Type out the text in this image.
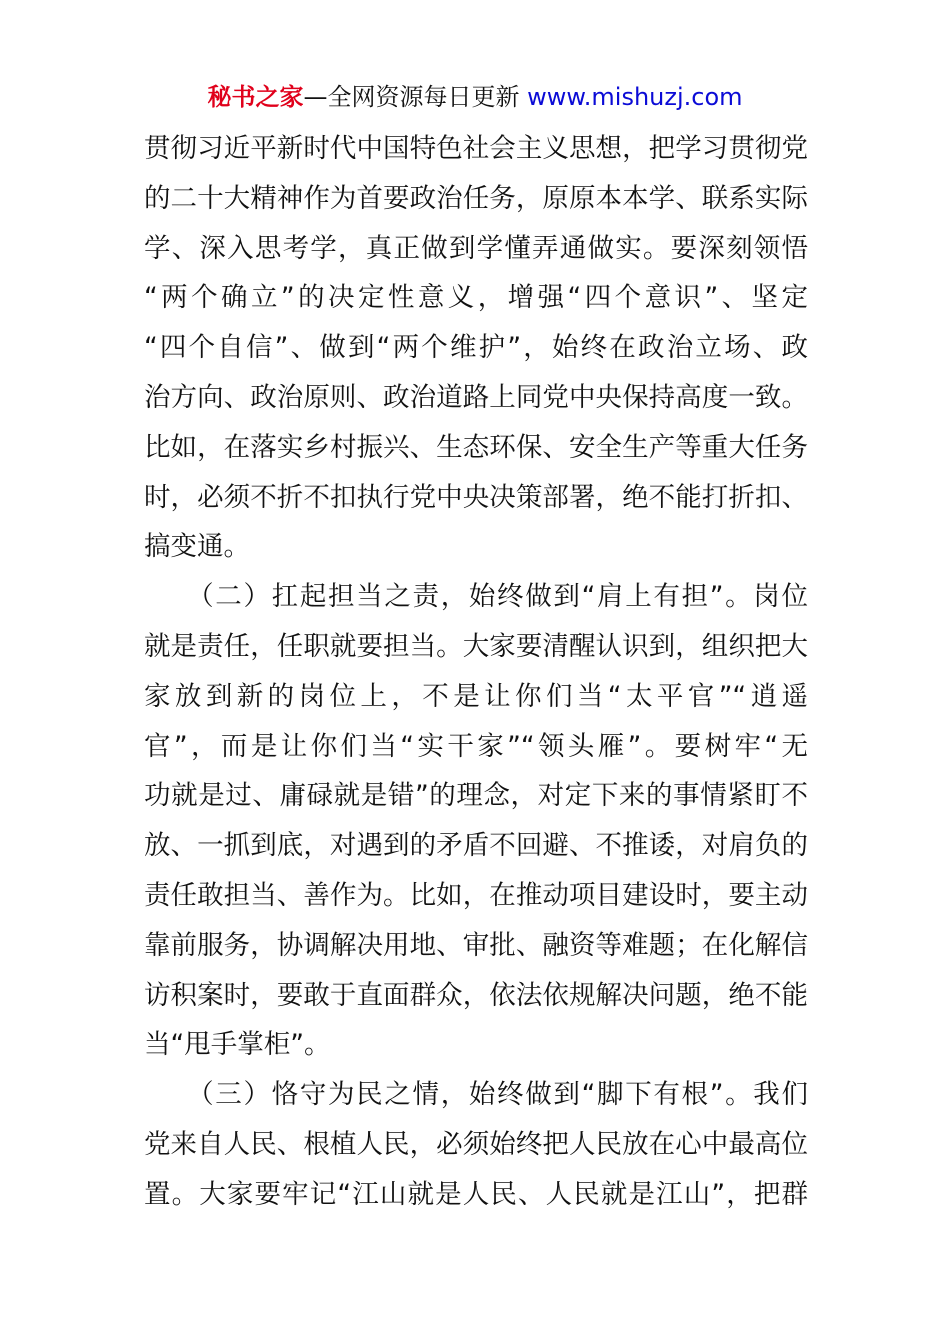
秘书之家—全网资源每日更新 www.mishuzj.com
贯彻习近平新时代中国特色社会主义思想，把学习贯彻党
的二十大精神作为首要政治任务，原原本本学、联系实际
学、深入思考学，真正做到学懂弄通做实。要深刻领悟
“两个确立”的决定性意义，增强“四个意识”、坚定
“四个自信”、做到“两个维护”，始终在政治立场、政
治方向、政治原则、政治道路上同党中央保持高度一致。
比如，在落实乡村振兴、生态环保、安全生产等重大任务
时，必须不折不扣执行党中央决策部署，绝不能打折扣、
搞变通。
　　（二）扛起担当之责，始终做到“肩上有担”。岗位
就是责任，任职就要担当。大家要清醒认识到，组织把大
家放到新的岗位上，不是让你们当“太平官”“逍遥
官”，而是让你们当“实干家”“领头雁”。要树牢“无
功就是过、庸碌就是错”的理念，对定下来的事情紧盯不
放、一抓到底，对遇到的矛盾不回避、不推诿，对肩负的
责任敢担当、善作为。比如，在推动项目建设时，要主动
靠前服务，协调解决用地、审批、融资等难题；在化解信
访积案时，要敢于直面群众，依法依规解决问题，绝不能
当“甩手掌柜”。
　　（三）恪守为民之情，始终做到“脚下有根”。我们
党来自人民、根植人民，必须始终把人民放在心中最高位
置。大家要牢记“江山就是人民、人民就是江山”，把群
